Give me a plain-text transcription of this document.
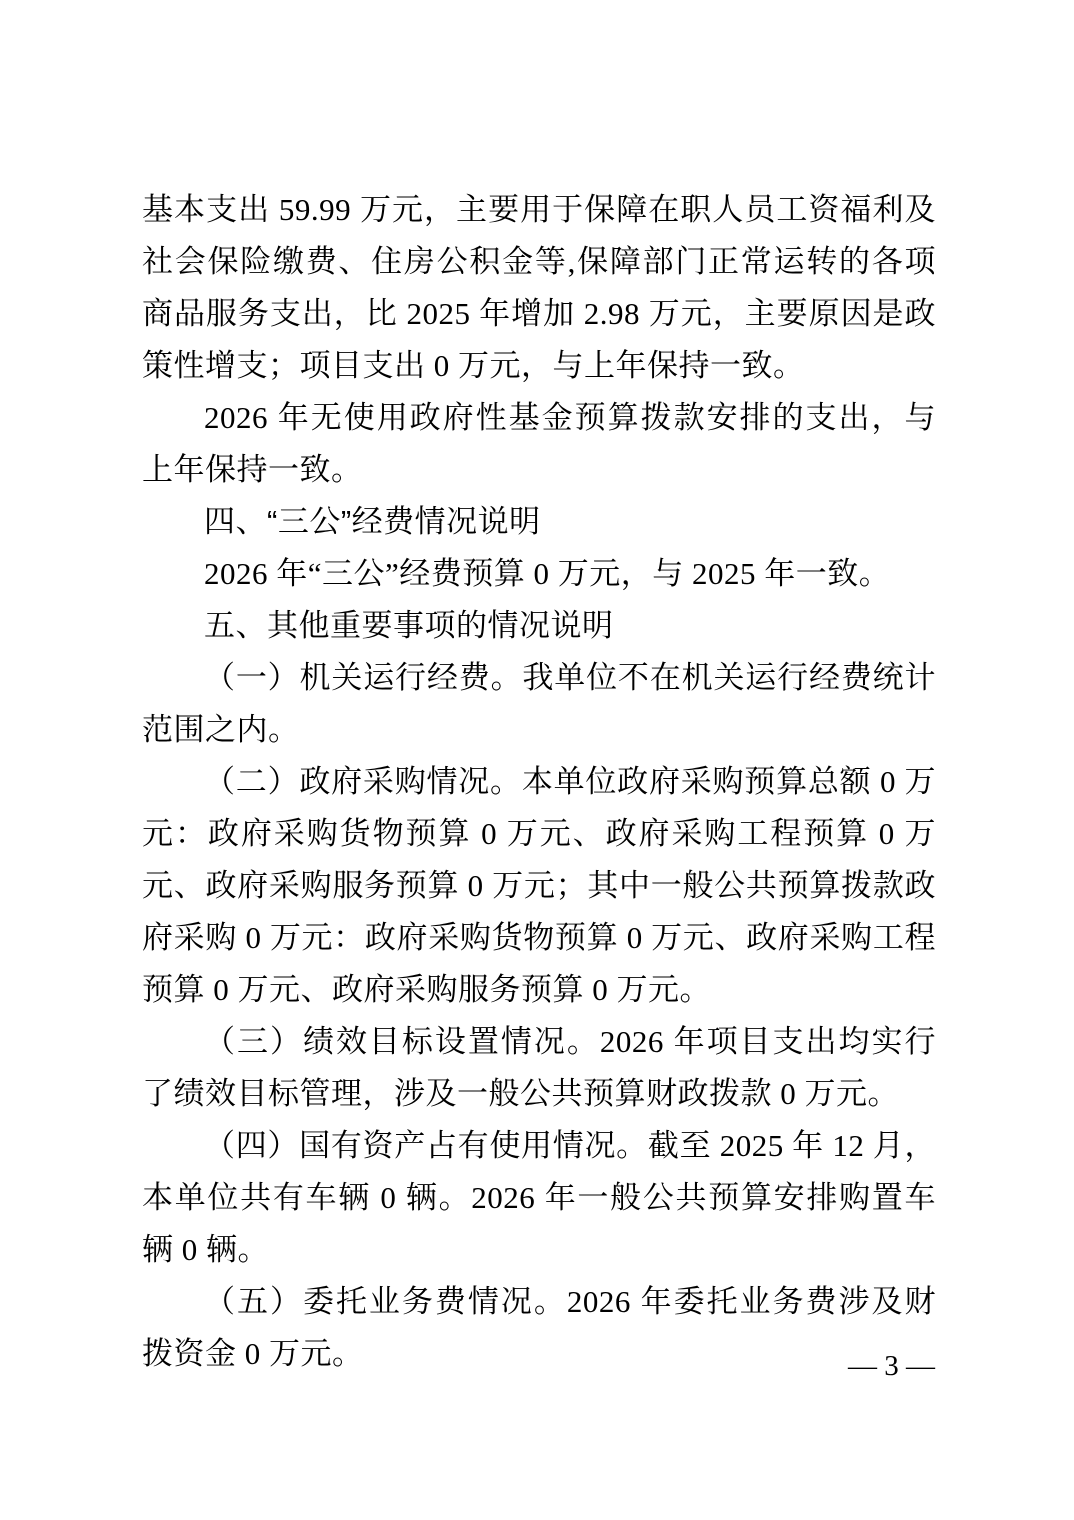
基本支出 59.99 万元，主要用于保障在职人员工资福利及社会保险缴费、住房公积金等,保障部门正常运转的各项商品服务支出，比 2025 年增加 2.98 万元，主要原因是政策性增支；项目支出 0 万元，与上年保持一致。

2026 年无使用政府性基金预算拨款安排的支出，与上年保持一致。

四、“三公”经费情况说明

2026 年“三公”经费预算 0 万元，与 2025 年一致。

五、其他重要事项的情况说明

（一）机关运行经费。我单位不在机关运行经费统计范围之内。

（二）政府采购情况。本单位政府采购预算总额 0 万元：政府采购货物预算 0 万元、政府采购工程预算 0 万元、政府采购服务预算 0 万元；其中一般公共预算拨款政府采购 0 万元：政府采购货物预算 0 万元、政府采购工程预算 0 万元、政府采购服务预算 0 万元。

（三）绩效目标设置情况。2026 年项目支出均实行了绩效目标管理，涉及一般公共预算财政拨款 0 万元。

（四）国有资产占有使用情况。截至 2025 年 12 月，本单位共有车辆 0 辆。2026 年一般公共预算安排购置车辆 0 辆。

（五）委托业务费情况。2026 年委托业务费涉及财拨资金 0 万元。	— 3 —
